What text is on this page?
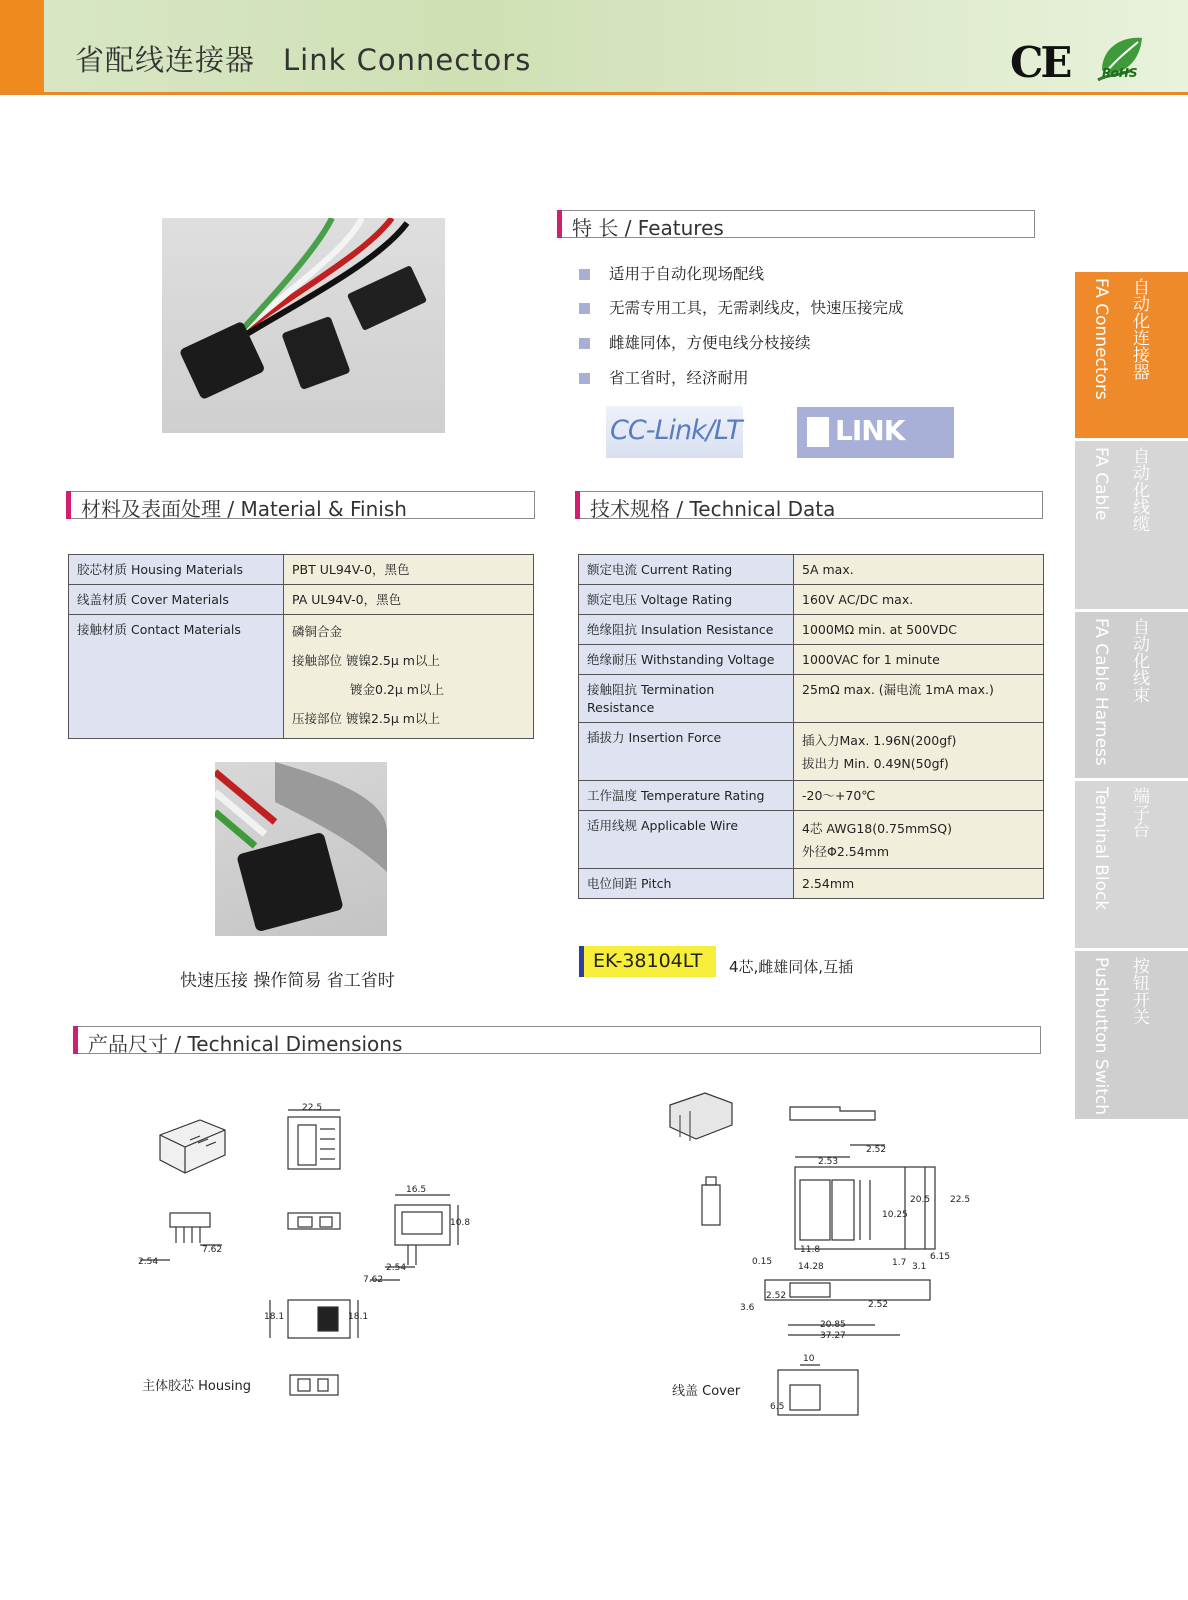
省配线连接器 Link Connectors	CE	RoHS
特 长 / Features
适用于自动化现场配线
无需专用工具，无需剥线皮，快速压接完成
雌雄同体，方便电线分枝接续
省工省时，经济耐用
CC-Link/LT	LINK
材料及表面处理 / Material & Finish
胶芯材质 Housing Materials	PBT UL94V-0，黑色
线盖材质 Cover Materials	PA UL94V-0，黑色
接触材质 Contact Materials	磷铜合金
接触部位 镀镍2.5μ m以上
镀金0.2μ m以上
压接部位 镀镍2.5μ m以上
快速压接 操作简易 省工省时
技术规格 / Technical Data
额定电流 Current Rating	5A max.
额定电压 Voltage Rating	160V AC/DC max.
绝缘阻抗 Insulation Resistance	1000MΩ min. at 500VDC
绝缘耐压 Withstanding Voltage	1000VAC for 1 minute
接触阻抗 Termination Resistance	25mΩ max. (漏电流 1mA max.)
插拔力 Insertion Force	插入力Max. 1.96N(200gf)
拔出力 Min. 0.49N(50gf)

工作温度 Temperature Rating	-20～+70℃
适用线规 Applicable Wire	4芯 AWG18(0.75mmSQ)
外径Φ2.54mm

电位间距 Pitch	2.54mm
EK-38104LT 4芯,雌雄同体,互插
产品尺寸 / Technical Dimensions
22.5
16.5
10.8
2.54
7.62
2.54
7.62
18.1	18.1
主体胶芯 Housing
2.52
2.53
20.5 22.5
10.25
11.8
14.28
0.15	1.7
6.15
3.1
3.6
2.52
2.52
20.85
37.27
10
6.5
线盖 Cover
自动化连接器
FA Connectors
自动化线缆
FA Cable
自动化线束
FA Cable Harness
端子台
Terminal Block
按钮开关
Pushbutton Switch
